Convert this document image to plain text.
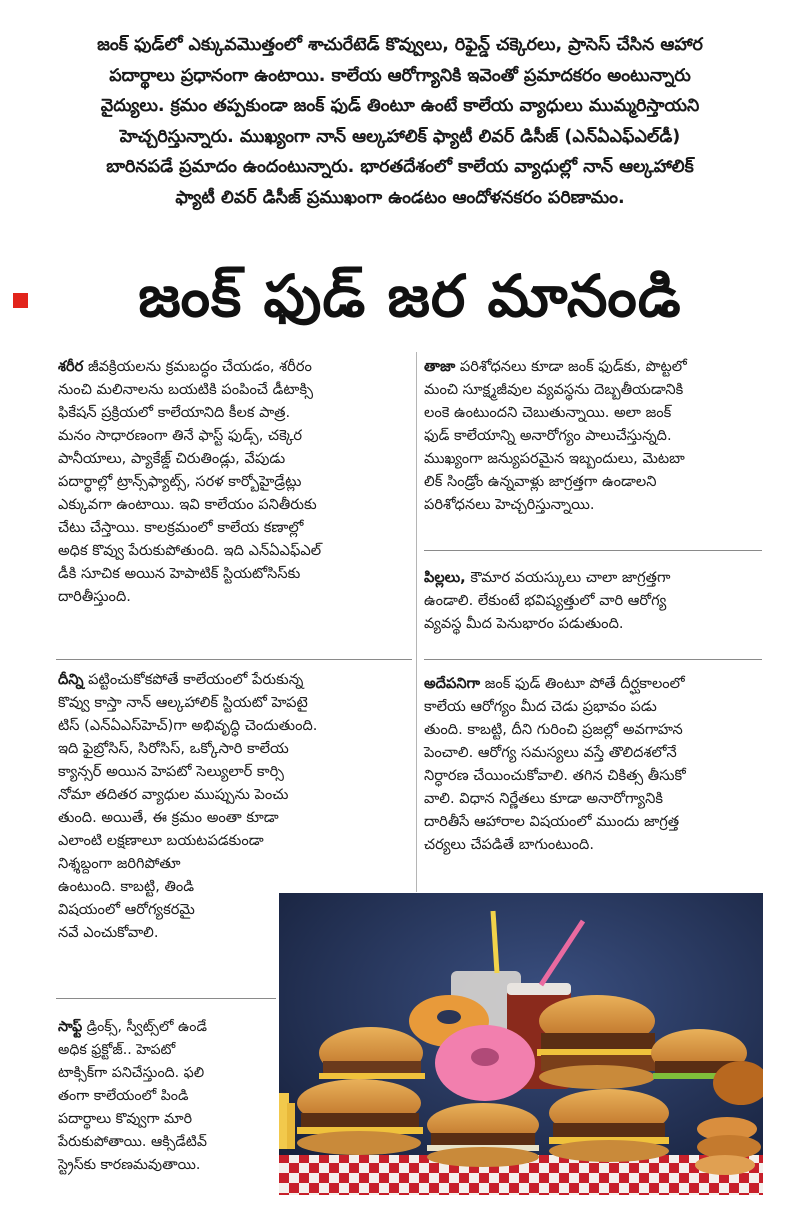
జంక్ ఫుడ్‌లో ఎక్కువమొత్తంలో శాచురేటెడ్ కొవ్వులు, రిఫైన్డ్ చక్కెరలు, ప్రాసెస్ చేసిన ఆహార

పదార్థాలు ప్రధానంగా ఉంటాయి. కాలేయ ఆరోగ్యానికి ఇవెంతో ప్రమాదకరం అంటున్నారు

వైద్యులు. క్రమం తప్పకుండా జంక్ ఫుడ్ తింటూ ఉంటే కాలేయ వ్యాధులు ముమ్మరిస్తాయని

హెచ్చరిస్తున్నారు. ముఖ్యంగా నాన్ ఆల్కహాలిక్ ఫ్యాటీ లివర్ డిసీజ్ (ఎన్ఏఎఫ్ఎల్‌డీ)

బారినపడే ప్రమాదం ఉందంటున్నారు. భారతదేశంలో కాలేయ వ్యాధుల్లో నాన్ ఆల్కహాలిక్

ఫ్యాటీ లివర్ డిసీజ్ ప్రముఖంగా ఉండటం ఆందోళనకరం పరిణామం.

జంక్ ఫుడ్ జర మానండి

శరీర జీవక్రియలను క్రమబద్ధం చేయడం, శరీరం

నుంచి మలినాలను బయటికి పంపించే డీటాక్సి

ఫికేషన్ ప్రక్రియలో కాలేయానిది కీలక పాత్ర.

మనం సాధారణంగా తినే ఫాస్ట్ ఫుడ్స్, చక్కెర

పానీయాలు, ప్యాకేజ్డ్ చిరుతిండ్లు, వేపుడు

పదార్థాల్లో ట్రాన్స్‌ఫ్యాట్స్, సరళ కార్బోహైడ్రేట్లు

ఎక్కువగా ఉంటాయి. ఇవి కాలేయం పనితీరుకు

చేటు చేస్తాయి. కాలక్రమంలో కాలేయ కణాల్లో

అధిక కొవ్వు పేరుకుపోతుంది. ఇది ఎన్ఏఎఫ్ఎల్

డీకి సూచిక అయిన హెపాటిక్ స్టియటోసిస్‌కు

దారితీస్తుంది.

దీన్ని పట్టించుకోకపోతే కాలేయంలో పేరుకున్న

కొవ్వు కాస్తా నాన్ ఆల్కహాలిక్ స్టియటో హెపటై

టిస్ (ఎన్ఏఎస్‌హెచ్)గా అభివృద్ధి చెందుతుంది.

ఇది ఫైబ్రోసిస్, సిరోసిస్, ఒక్కోసారి కాలేయ

క్యాన్సర్ అయిన హెపటో సెల్యులార్ కార్సి

నోమా తదితర వ్యాధుల ముప్పును పెంచు

తుంది. అయితే, ఈ క్రమం అంతా కూడా

ఎలాంటి లక్షణాలూ బయటపడకుండా

నిశ్శబ్దంగా జరిగిపోతూ

ఉంటుంది. కాబట్టి, తిండి

విషయంలో ఆరోగ్యకరమై

నవే ఎంచుకోవాలి.

సాఫ్ట్ డ్రింక్స్, స్వీట్స్‌లో ఉండే

అధిక ఫ్రక్టోజ్.. హెపటో

టాక్సిక్‌గా పనిచేస్తుంది. ఫలి

తంగా కాలేయంలో పిండి

పదార్థాలు కొవ్వుగా మారి

పేరుకుపోతాయి. ఆక్సిడేటివ్

స్ట్రెస్‌కు కారణమవుతాయి.

తాజా పరిశోధనలు కూడా జంక్ ఫుడ్‌కు, పొట్టలో

మంచి సూక్ష్మజీవుల వ్యవస్థను దెబ్బతీయడానికి

లంకె ఉంటుందని చెబుతున్నాయి. అలా జంక్

ఫుడ్ కాలేయాన్ని అనారోగ్యం పాలుచేస్తున్నది.

ముఖ్యంగా జన్యుపరమైన ఇబ్బందులు, మెటబా

లిక్ సిండ్రోం ఉన్నవాళ్లు జాగ్రత్తగా ఉండాలని

పరిశోధనలు హెచ్చరిస్తున్నాయి.

పిల్లలు, కౌమార వయస్కులు చాలా జాగ్రత్తగా

ఉండాలి. లేకుంటే భవిష్యత్తులో వారి ఆరోగ్య

వ్యవస్థ మీద పెనుభారం పడుతుంది.

అదేపనిగా జంక్ ఫుడ్ తింటూ పోతే దీర్ఘకాలంలో

కాలేయ ఆరోగ్యం మీద చెడు ప్రభావం పడు

తుంది. కాబట్టి, దీని గురించి ప్రజల్లో అవగాహన

పెంచాలి. ఆరోగ్య సమస్యలు వస్తే తొలిదశలోనే

నిర్ధారణ చేయించుకోవాలి. తగిన చికిత్స తీసుకో

వాలి. విధాన నిర్ణేతలు కూడా అనారోగ్యానికి

దారితీసే ఆహారాల విషయంలో ముందు జాగ్రత్త

చర్యలు చేపడితే బాగుంటుంది.
